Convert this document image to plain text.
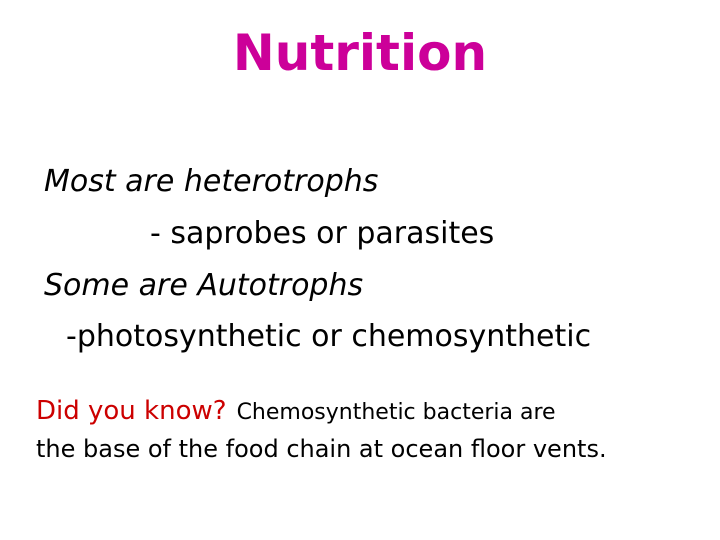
Nutrition
Most are heterotrophs
- saprobes or parasites
Some are Autotrophs
-photosynthetic or chemosynthetic
Did you know? Chemosynthetic bacteria are
the base of the food chain at ocean floor vents.
